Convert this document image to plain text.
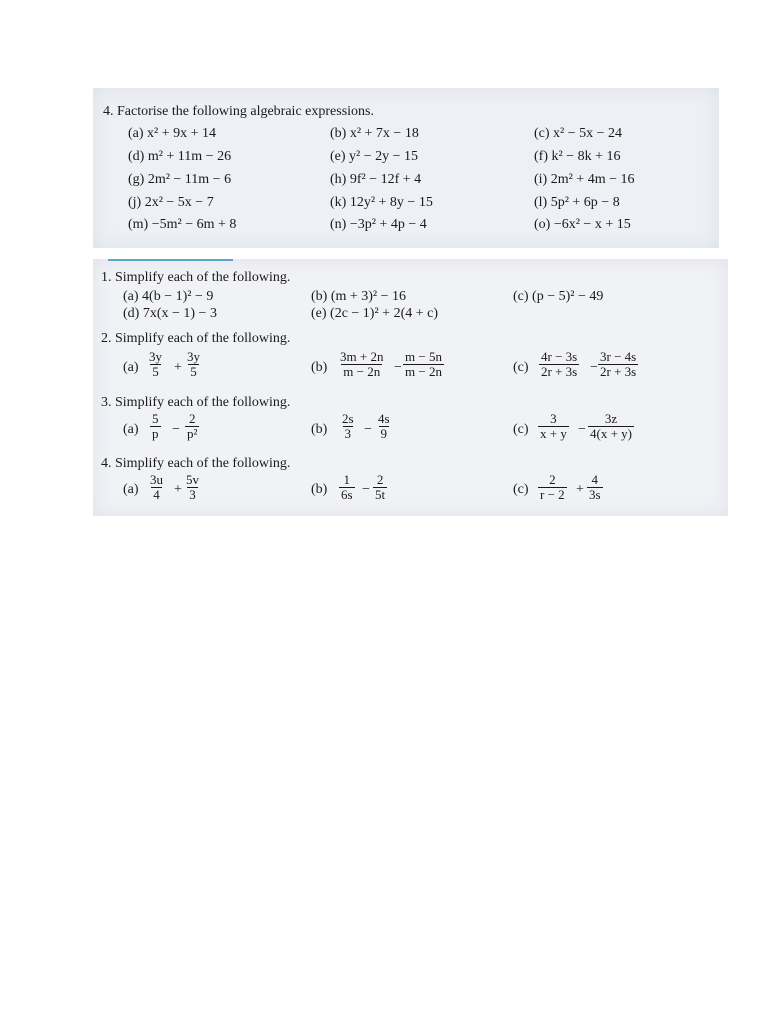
4. Factorise the following algebraic expressions.
(a) x² + 9x + 14	(b) x² + 7x − 18	(c) x² − 5x − 24
(d) m² + 11m − 26	(e) y² − 2y − 15	(f) k² − 8k + 16
(g) 2m² − 11m − 6	(h) 9f² − 12f + 4	(i) 2m² + 4m − 16
(j) 2x² − 5x − 7	(k) 12y² + 8y − 15	(l) 5p² + 6p − 8
(m) −5m² − 6m + 8	(n) −3p² + 4p − 4	(o) −6x² − x + 15
1. Simplify each of the following.
(a) 4(b − 1)² − 9	(b) (m + 3)² − 16	(c) (p − 5)² − 49
(d) 7x(x − 1) − 3	(e) (2c − 1)² + 2(4 + c)
2. Simplify each of the following.
$(a) \frac{3y}{5} + \frac{3y}{5}$	$(b) \frac{3m + 2n}{m - 2n} - \frac{m - 5n}{m - 2n}$	$(c) \frac{4r - 3s}{2r + 3s} - \frac{3r - 4s}{2r + 3s}$
3. Simplify each of the following.
$(a) \frac{5}{p} - \frac{2}{\text{p²}}$	$(b) \frac{2s}{3} - \frac{4s}{9}$	$(c) \frac{3}{x + y} - \frac{3z}{4(x + y)}$
4. Simplify each of the following.
$(a) \frac{3u}{4} + \frac{5v}{3}$	$(b) \frac{1}{6s} - \frac{2}{5t}$	$(c) \frac{2}{r - 2} + \frac{4}{3s}$
